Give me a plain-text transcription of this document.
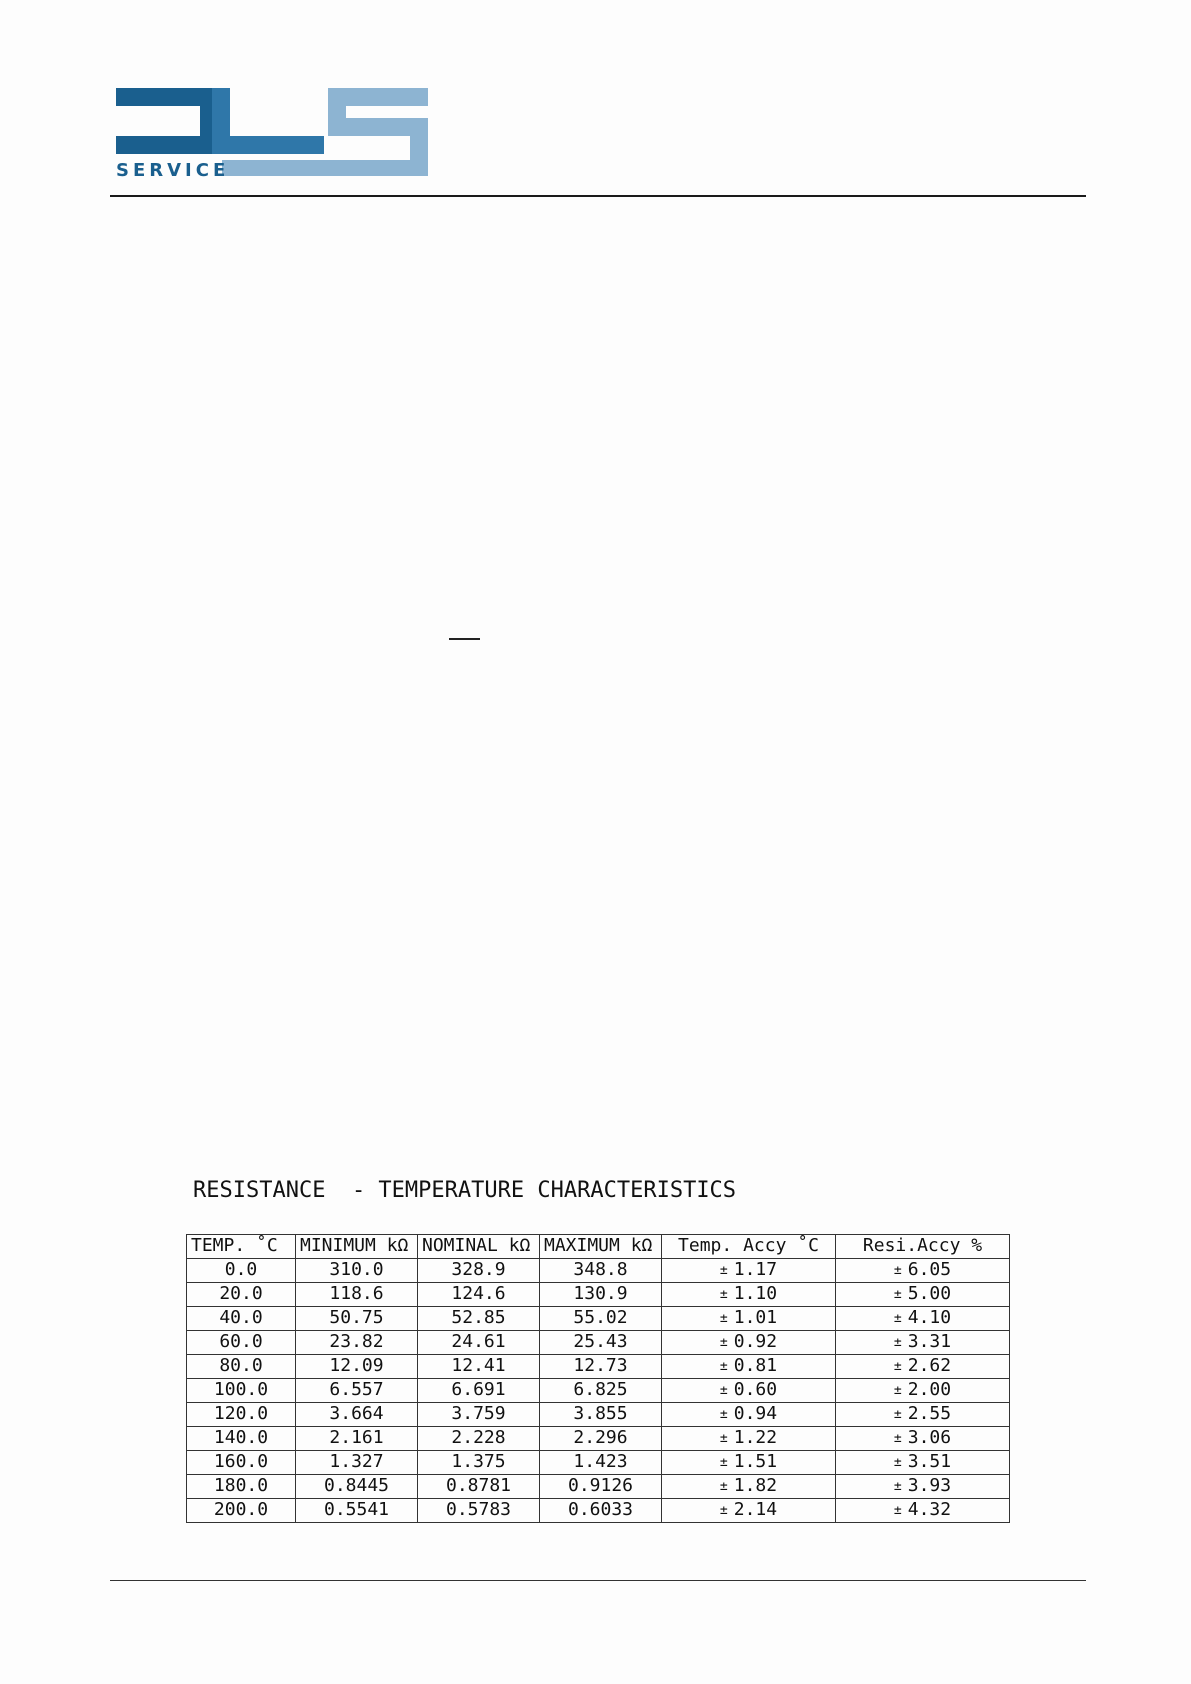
SERVICE
RESISTANCE  - TEMPERATURE CHARACTERISTICS
TEMP. ˚C	MINIMUM kΩ	NOMINAL kΩ	MAXIMUM kΩ	Temp. Accy ˚C	Resi.Accy %
0.0	310.0	328.9	348.8	± 1.17	± 6.05
20.0	118.6	124.6	130.9	± 1.10	± 5.00
40.0	50.75	52.85	55.02	± 1.01	± 4.10
60.0	23.82	24.61	25.43	± 0.92	± 3.31
80.0	12.09	12.41	12.73	± 0.81	± 2.62
100.0	6.557	6.691	6.825	± 0.60	± 2.00
120.0	3.664	3.759	3.855	± 0.94	± 2.55
140.0	2.161	2.228	2.296	± 1.22	± 3.06
160.0	1.327	1.375	1.423	± 1.51	± 3.51
180.0	0.8445	0.8781	0.9126	± 1.82	± 3.93
200.0	0.5541	0.5783	0.6033	± 2.14	± 4.32
